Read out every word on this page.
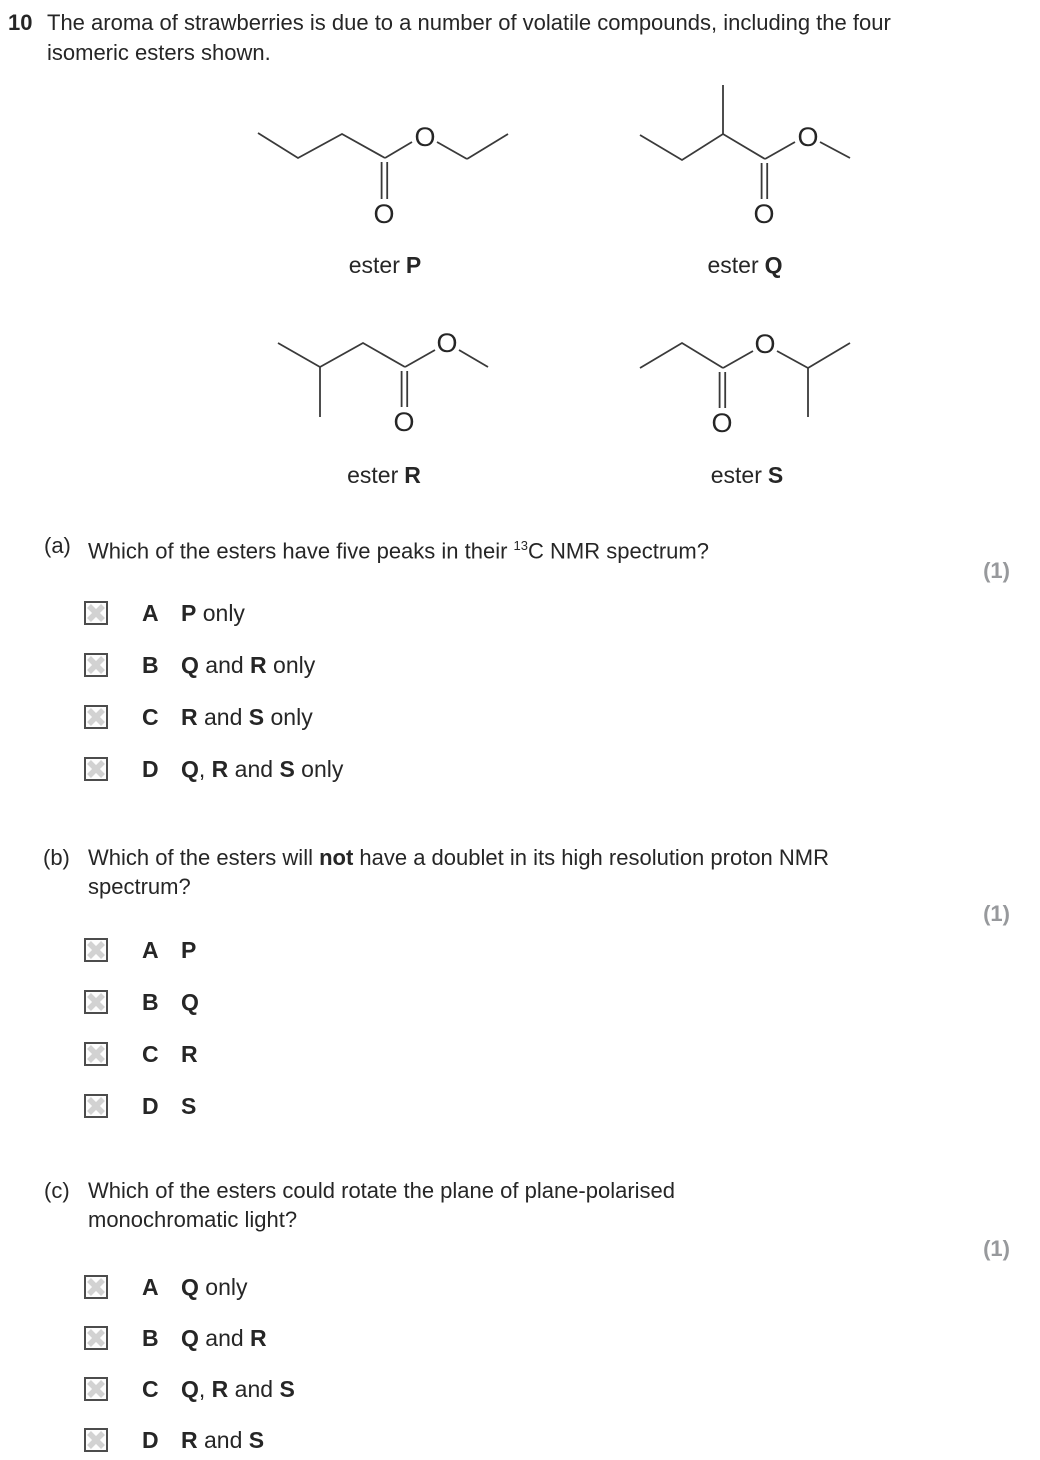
10 The aroma of strawberries is due to a number of volatile compounds, including the four isomeric esters shown.
O
O
O
O
O
O
O
O
ester P	ester Q
ester R	ester S
(a) Which of the esters have five peaks in their $^{13}$C NMR spectrum?
(1)
A P only
B Q and R only
C R and S only
D Q, R and S only
(b) Which of the esters will not have a doublet in its high resolution proton NMR spectrum?
(1)
A P
B Q
C R
D S
(c) Which of the esters could rotate the plane of plane-polarised monochromatic light?
(1)
A Q only
B Q and R
C Q, R and S
D R and S
